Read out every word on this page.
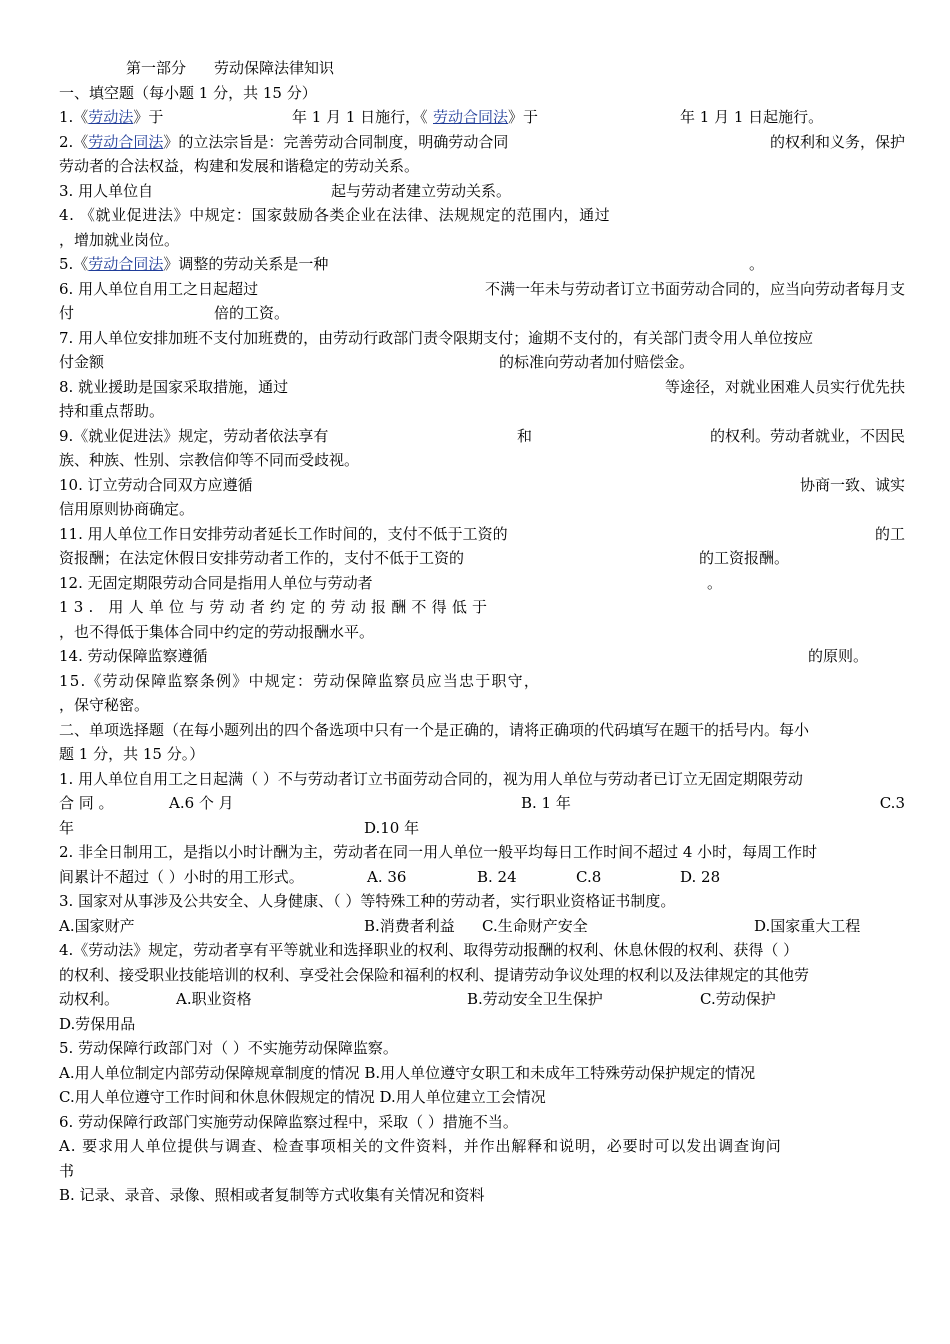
第一部分 劳动保障法律知识
一、填空题（每小题 1 分，共 15 分）
1.《劳动法》于	年 1 月 1 日施行，《 劳动合同法》于	年 1 月 1 日起施行。
2.《劳动合同法》的立法宗旨是：完善劳动合同制度，明确劳动合同	的权利和义务，保护
劳动者的合法权益，构建和发展和谐稳定的劳动关系。
3. 用人单位自	起与劳动者建立劳动关系。
4. 《就业促进法》中规定：国家鼓励各类企业在法律、法规规定的范围内，通过
，增加就业岗位。
5.《劳动合同法》调整的劳动关系是一种	。
6. 用人单位自用工之日起超过	不满一年未与劳动者订立书面劳动合同的，应当向劳动者每月支
付	倍的工资。
7. 用人单位安排加班不支付加班费的，由劳动行政部门责令限期支付；逾期不支付的，有关部门责令用人单位按应
付金额	的标准向劳动者加付赔偿金。
8. 就业援助是国家采取措施，通过	等途径，对就业困难人员实行优先扶
持和重点帮助。
9.《就业促进法》规定，劳动者依法享有	和	的权利。劳动者就业，不因民
族、种族、性别、宗教信仰等不同而受歧视。
10. 订立劳动合同双方应遵循	协商一致、诚实
信用原则协商确定。
11. 用人单位工作日安排劳动者延长工作时间的，支付不低于工资的	的工
资报酬；在法定休假日安排劳动者工作的，支付不低于工资的	的工资报酬。
12. 无固定期限劳动合同是指用人单位与劳动者	。
13. 用人单位与劳动者约定的劳动报酬不得低于
，也不得低于集体合同中约定的劳动报酬水平。
14. 劳动保障监察遵循	的原则。
15.《劳动保障监察条例》中规定：劳动保障监察员应当忠于职守，
，保守秘密。
二、单项选择题（在每小题列出的四个备选项中只有一个是正确的，请将正确项的代码填写在题干的括号内。每小
题 1 分，共 15 分。）
1. 用人单位自用工之日起满（ ）不与劳动者订立书面劳动合同的，视为用人单位与劳动者已订立无固定期限劳动
合 同 。	A.6 个 月	B. 1 年	C.3
年	D.10 年
2. 非全日制用工，是指以小时计酬为主，劳动者在同一用人单位一般平均每日工作时间不超过 4 小时，每周工作时
间累计不超过（ ）小时的用工形式。	A. 36	B. 24	C.8	D. 28
3. 国家对从事涉及公共安全、人身健康、（ ）等特殊工种的劳动者，实行职业资格证书制度。
A.国家财产	B.消费者利益 C.生命财产安全	D.国家重大工程
4.《劳动法》规定，劳动者享有平等就业和选择职业的权利、取得劳动报酬的权利、休息休假的权利、获得（ ）
的权利、接受职业技能培训的权利、享受社会保险和福利的权利、提请劳动争议处理的权利以及法律规定的其他劳
动权利。	A.职业资格	B.劳动安全卫生保护	C.劳动保护
D.劳保用品
5. 劳动保障行政部门对（ ）不实施劳动保障监察。
A.用人单位制定内部劳动保障规章制度的情况 B.用人单位遵守女职工和未成年工特殊劳动保护规定的情况
C.用人单位遵守工作时间和休息休假规定的情况 D.用人单位建立工会情况
6. 劳动保障行政部门实施劳动保障监察过程中，采取（ ）措施不当。
A. 要求用人单位提供与调查、检查事项相关的文件资料，并作出解释和说明，必要时可以发出调查询问
书
B. 记录、录音、录像、照相或者复制等方式收集有关情况和资料
